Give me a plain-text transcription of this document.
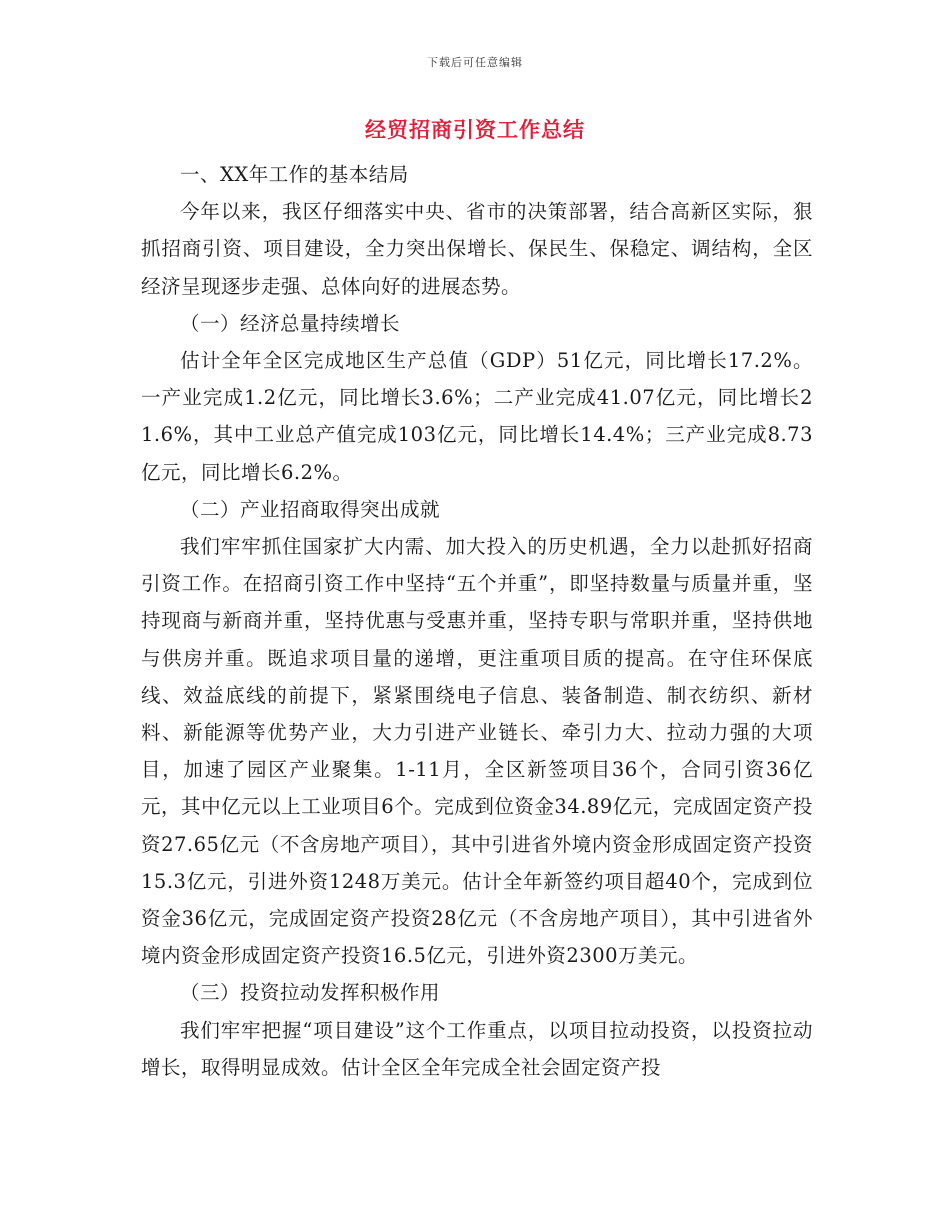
下载后可任意编辑
经贸招商引资工作总结

一、XX年工作的基本结局

今年以来，我区仔细落实中央、省市的决策部署，结合高新区实际，狠抓招商引资、项目建设，全力突出保增长、保民生、保稳定、调结构，全区经济呈现逐步走强、总体向好的进展态势。

（一）经济总量持续增长

估计全年全区完成地区生产总值（GDP）51亿元，同比增长17.2%。一产业完成1.2亿元，同比增长3.6%；二产业完成41.07亿元，同比增长21.6%，其中工业总产值完成103亿元，同比增长14.4%；三产业完成8.73亿元，同比增长6.2%。

（二）产业招商取得突出成就

我们牢牢抓住国家扩大内需、加大投入的历史机遇，全力以赴抓好招商引资工作。在招商引资工作中坚持“五个并重”，即坚持数量与质量并重，坚持现商与新商并重，坚持优惠与受惠并重，坚持专职与常职并重，坚持供地与供房并重。既追求项目量的递增，更注重项目质的提高。在守住环保底线、效益底线的前提下，紧紧围绕电子信息、装备制造、制衣纺织、新材料、新能源等优势产业，大力引进产业链长、牵引力大、拉动力强的大项目，加速了园区产业聚集。1-11月，全区新签项目36个，合同引资36亿元，其中亿元以上工业项目6个。完成到位资金34.89亿元，完成固定资产投资27.65亿元（不含房地产项目），其中引进省外境内资金形成固定资产投资15.3亿元，引进外资1248万美元。估计全年新签约项目超40个，完成到位资金36亿元，完成固定资产投资28亿元（不含房地产项目），其中引进省外境内资金形成固定资产投资16.5亿元，引进外资2300万美元。

（三）投资拉动发挥积极作用

我们牢牢把握“项目建设”这个工作重点，以项目拉动投资，以投资拉动增长，取得明显成效。估计全区全年完成全社会固定资产投
